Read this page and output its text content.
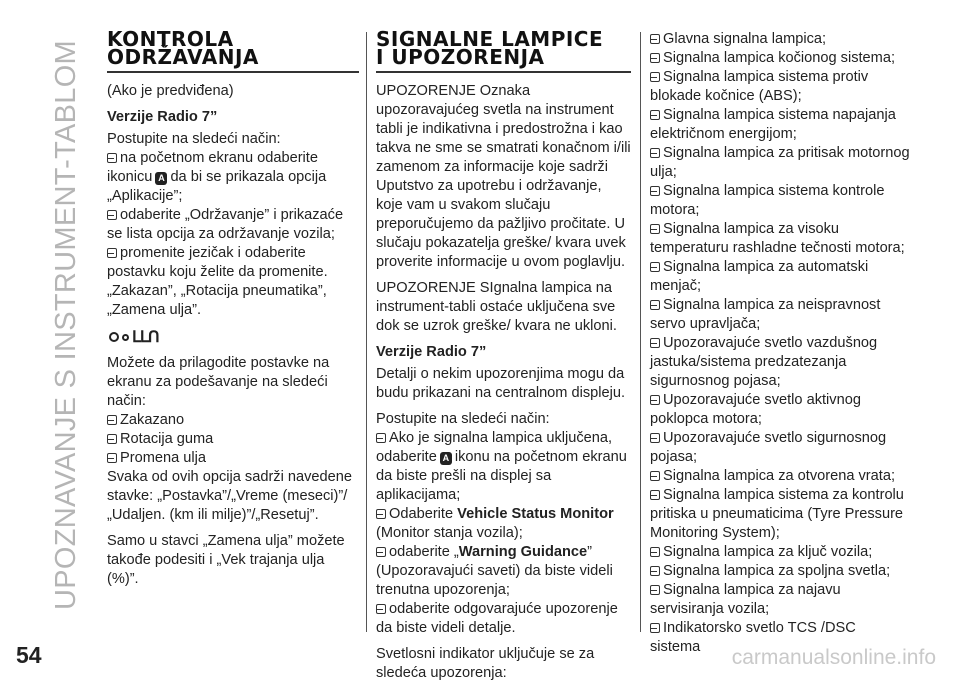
UPOZNAVANJE S INSTRUMENT-TABLOM
KONTROLA
ODRŽAVANJA

(Ako je predviđena)

Verzije Radio 7”

Postupite na sledeći način:

na početnom ekranu odaberite ikonicu A da bi se prikazala opcija „Aplikacije”;

odaberite „Održavanje” i prikazaće se lista opcija za održavanje vozila;

promenite jezičak i odaberite postavku koju želite da promenite. „Zakazan”, „Rotacija pneumatika”, „Zamena ulja”.

ᒪᒪᑎ

Možete da prilagodite postavke na ekranu za podešavanje na sledeći način:

Zakazano

Rotacija guma

Promena ulja

Svaka od ovih opcija sadrži navedene stavke: „Postavka”/„Vreme (meseci)”/„Udaljen. (km ili milje)”/„Resetuj”.

Samo u stavci „Zamena ulja” možete takođe podesiti i „Vek trajanja ulja (%)”.

SIGNALNE LAMPICE
I UPOZORENJA

UPOZORENJE Oznaka upozoravajućeg svetla na instrument tabli je indikativna i predostrožna i kao takva ne sme se smatrati konačnom i/ili zamenom za informacije koje sadrži Uputstvo za upotrebu i održavanje, koje vam u svakom slučaju preporučujemo da pažljivo pročitate. U slučaju pokazatelja greške/ kvara uvek proverite informacije u ovom poglavlju.

UPOZORENJE SIgnalna lampica na instrument-tabli ostaće uključena sve dok se uzrok greške/ kvara ne ukloni.

Verzije Radio 7”

Detalji o nekim upozorenjima mogu da budu prikazani na centralnom displeju.

Postupite na sledeći način:

Ako je signalna lampica uključena, odaberite A ikonu na početnom ekranu da biste prešli na displej sa aplikacijama;

Odaberite Vehicle Status Monitor (Monitor stanja vozila);

odaberite „Warning Guidance” (Upozoravajući saveti) da biste videli trenutna upozorenja;

odaberite odgovarajuće upozorenje da biste videli detalje.

Svetlosni indikator uključuje se za sledeća upozorenja:

Glavna signalna lampica;

Signalna lampica kočionog sistema;

Signalna lampica sistema protiv blokade kočnice (ABS);

Signalna lampica sistema napajanja električnom energijom;

Signalna lampica za pritisak motornog ulja;

Signalna lampica sistema kontrole motora;

Signalna lampica za visoku temperaturu rashladne tečnosti motora;

Signalna lampica za automatski menjač;

Signalna lampica za neispravnost servo upravljača;

Upozoravajuće svetlo vazdušnog jastuka/sistema predzatezanja sigurnosnog pojasa;

Upozoravajuće svetlo aktivnog poklopca motora;

Upozoravajuće svetlo sigurnosnog pojasa;

Signalna lampica za otvorena vrata;

Signalna lampica sistema za kontrolu pritiska u pneumaticima (Tyre Pressure Monitoring System);

Signalna lampica za ključ vozila;

Signalna lampica za spoljna svetla;

Signalna lampica za najavu servisiranja vozila;

Indikatorsko svetlo TCS /DSC sistema

54	carmanualsonline.info
